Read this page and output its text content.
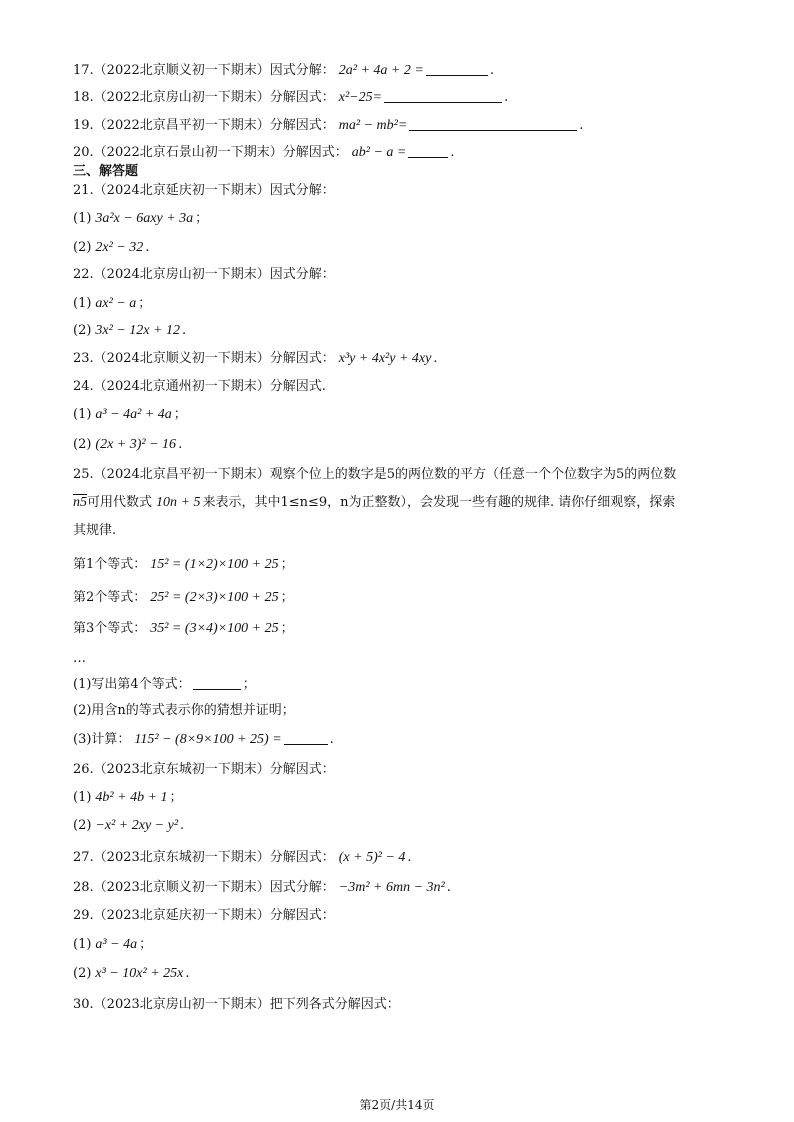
17.（2022北京顺义初一下期末）因式分解： 2a² + 4a + 2 =	.
18.（2022北京房山初一下期末）分解因式： x²−25=	.
19.（2022北京昌平初一下期末）分解因式： ma² − mb²=	.
20.（2022北京石景山初一下期末）分解因式： ab² − a =	.
三、解答题
21.（2024北京延庆初一下期末）因式分解：
(1) 3a²x − 6axy + 3a ；
(2) 2x² − 32 .
22.（2024北京房山初一下期末）因式分解：
(1) ax² − a ；
(2) 3x² − 12x + 12 .
23.（2024北京顺义初一下期末）分解因式： x³y + 4x²y + 4xy .
24.（2024北京通州初一下期末）分解因式.
(1) a³ − 4a² + 4a ；
(2) (2x + 3)² − 16 .
25.（2024北京昌平初一下期末）观察个位上的数字是5的两位数的平方（任意一个个位数字为5的两位数
n5可用代数式 10n + 5 来表示，其中1≤n≤9，n为正整数），会发现一些有趣的规律. 请你仔细观察，探索
其规律.
第1个等式： 15² = (1×2)×100 + 25 ；
第2个等式： 25² = (2×3)×100 + 25 ；
第3个等式： 35² = (3×4)×100 + 25 ；
…
(1)写出第4个等式：	；
(2)用含n的等式表示你的猜想并证明；
(3)计算： 115² − (8×9×100 + 25) =	.
26.（2023北京东城初一下期末）分解因式：
(1) 4b² + 4b + 1 ；
(2) −x² + 2xy − y² .
27.（2023北京东城初一下期末）分解因式： (x + 5)² − 4 .
28.（2023北京顺义初一下期末）因式分解： −3m² + 6mn − 3n² .
29.（2023北京延庆初一下期末）分解因式：
(1) a³ − 4a ；
(2) x³ − 10x² + 25x .
30.（2023北京房山初一下期末）把下列各式分解因式：
第2页/共14页
